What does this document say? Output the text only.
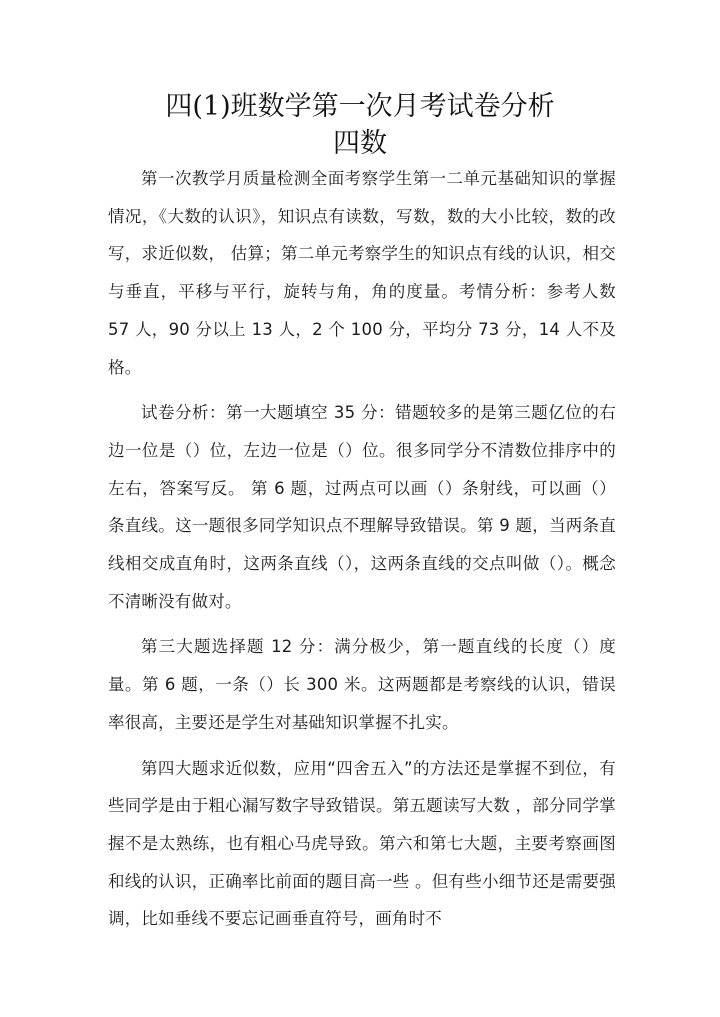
四(1)班数学第一次月考试卷分析
四数

第一次教学月质量检测全面考察学生第一二单元基础知识的掌握情况，《大数的认识》，知识点有读数，写数，数的大小比较，数的改写，求近似数， 估算；第二单元考察学生的知识点有线的认识，相交与垂直，平移与平行，旋转与角，角的度量。考情分析：参考人数 57 人，90 分以上 13 人，2 个 100 分，平均分 73 分，14 人不及格。

试卷分析：第一大题填空 35 分：错题较多的是第三题亿位的右边一位是（）位，左边一位是（）位。很多同学分不清数位排序中的左右，答案写反。 第 6 题，过两点可以画（）条射线，可以画（）条直线。这一题很多同学知识点不理解导致错误。第 9 题，当两条直线相交成直角时，这两条直线（），这两条直线的交点叫做（）。概念不清晰没有做对。

第三大题选择题 12 分：满分极少，第一题直线的长度（）度量。第 6 题，一条（）长 300 米。这两题都是考察线的认识，错误率很高，主要还是学生对基础知识掌握不扎实。

第四大题求近似数，应用“四舍五入”的方法还是掌握不到位，有些同学是由于粗心漏写数字导致错误。第五题读写大数 ，部分同学掌握不是太熟练，也有粗心马虎导致。第六和第七大题，主要考察画图和线的认识，正确率比前面的题目高一些 。但有些小细节还是需要强调，比如垂线不要忘记画垂直符号，画角时不
